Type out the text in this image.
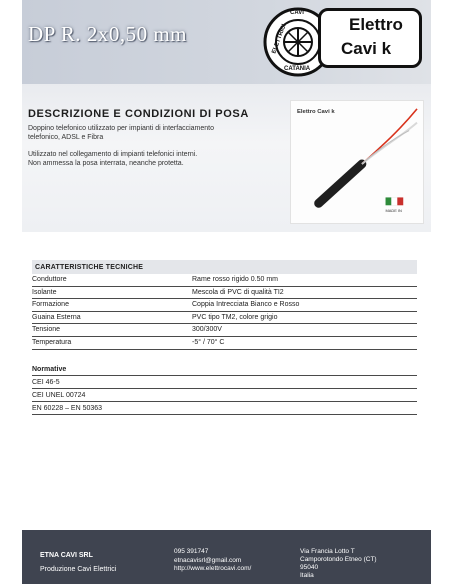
DP R. 2x0,50 mm
CAVI
ELETTRICI
CATANIA
Elettro
Cavi k
DESCRIZIONE E CONDIZIONI DI POSA
Doppino telefonico utilizzato per impianti di interfacciamento
telefonico, ADSL e Fibra
Utilizzato nel collegamento di impianti telefonici interni.
Non ammessa la posa interrata, neanche protetta.
Elettro Cavi k
MADE IN
CARATTERISTICHE TECNICHE
Conduttore	Rame rosso rigido 0.50 mm
Isolante	Mescola di PVC di qualità TI2
Formazione	Coppia Intrecciata Bianco e Rosso
Guaina Esterna	PVC tipo TM2, colore grigio
Tensione	300/300V
Temperatura	-5° / 70° C
Normative
CEI 46-5
CEI UNEL 00724
EN 60228 – EN 50363
ETNA CAVI SRL
Produzione Cavi Elettrici
095 391747
etnacavisrl@gmail.com
http://www.elettrocavi.com/
Via Francia Lotto T
Camporotondo Etneo (CT)
95040
Italia
